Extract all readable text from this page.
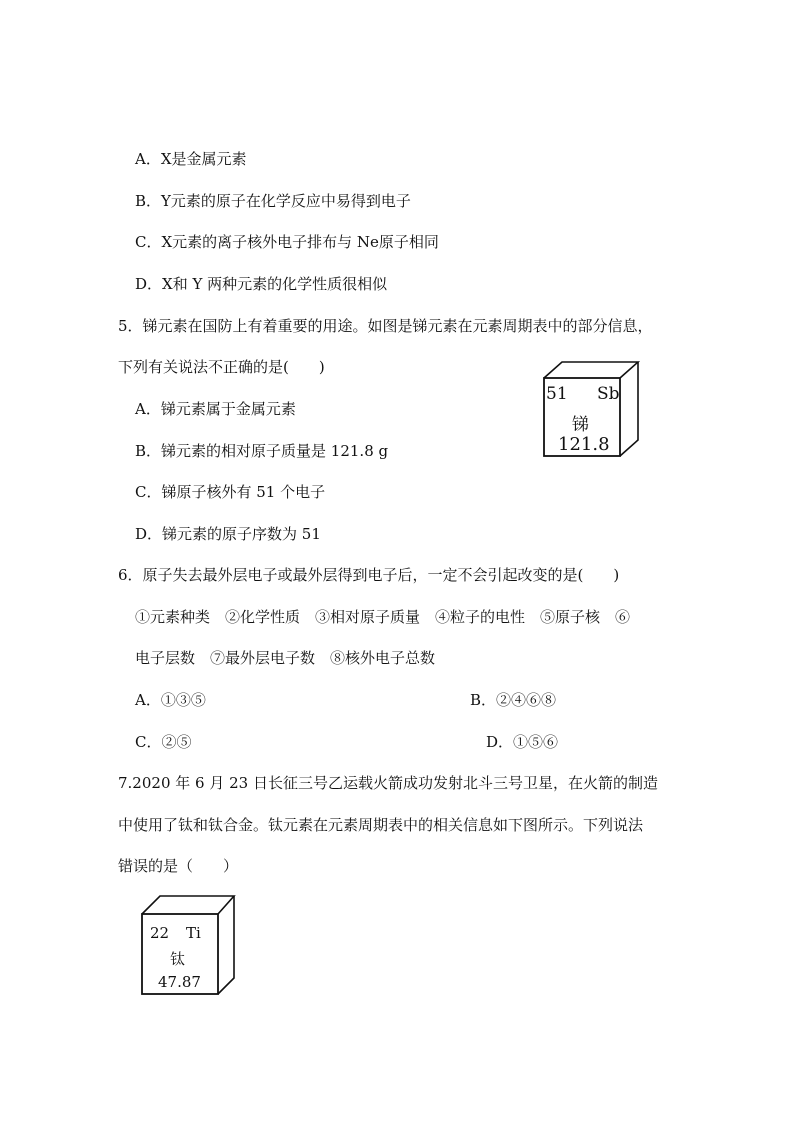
A．X是金属元素
B．Y元素的原子在化学反应中易得到电子
C．X元素的离子核外电子排布与 Ne原子相同
D．X和 Y 两种元素的化学性质很相似
5．锑元素在国防上有着重要的用途。如图是锑元素在元素周期表中的部分信息，
下列有关说法不正确的是(　　)
A．锑元素属于金属元素
B．锑元素的相对原子质量是 121.8 g
C．锑原子核外有 51 个电子
D．锑元素的原子序数为 51
51 Sb
锑
121.8
6．原子失去最外层电子或最外层得到电子后，一定不会引起改变的是(　　)
①元素种类　②化学性质　③相对原子质量　④粒子的电性　⑤原子核　⑥
电子层数　⑦最外层电子数　⑧核外电子总数
A．①③⑤	B．②④⑥⑧
C．②⑤	D．①⑤⑥
7.2020 年 6 月 23 日长征三号乙运载火箭成功发射北斗三号卫星，在火箭的制造
中使用了钛和钛合金。钛元素在元素周期表中的相关信息如下图所示。下列说法
错误的是（　　）
22 Ti
钛
47.87
